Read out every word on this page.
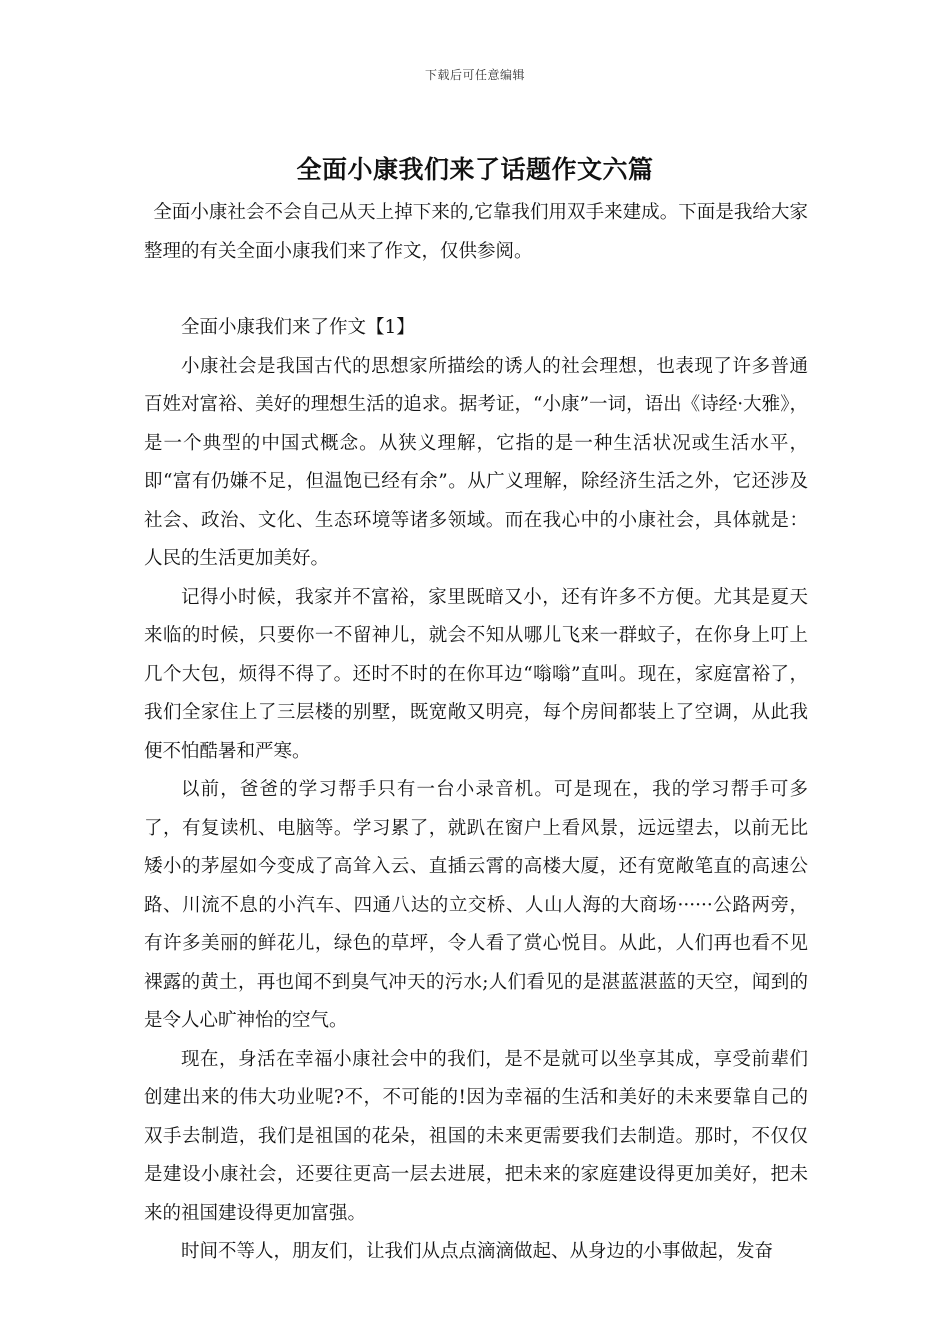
下载后可任意编辑
全面小康我们来了话题作文六篇

全面小康社会不会自己从天上掉下来的,它靠我们用双手来建成。下面是我给大家整理的有关全面小康我们来了作文，仅供参阅。

全面小康我们来了作文【1】

小康社会是我国古代的思想家所描绘的诱人的社会理想，也表现了许多普通百姓对富裕、美好的理想生活的追求。据考证，“小康”一词，语出《诗经·大雅》，是一个典型的中国式概念。从狭义理解，它指的是一种生活状况或生活水平，即“富有仍嫌不足，但温饱已经有余”。从广义理解，除经济生活之外，它还涉及社会、政治、文化、生态环境等诸多领域。而在我心中的小康社会，具体就是：人民的生活更加美好。

记得小时候，我家并不富裕，家里既暗又小，还有许多不方便。尤其是夏天来临的时候，只要你一不留神儿，就会不知从哪儿飞来一群蚊子，在你身上叮上几个大包，烦得不得了。还时不时的在你耳边“嗡嗡”直叫。现在，家庭富裕了，我们全家住上了三层楼的别墅，既宽敞又明亮，每个房间都装上了空调，从此我便不怕酷暑和严寒。

以前，爸爸的学习帮手只有一台小录音机。可是现在，我的学习帮手可多了，有复读机、电脑等。学习累了，就趴在窗户上看风景，远远望去，以前无比矮小的茅屋如今变成了高耸入云、直插云霄的高楼大厦，还有宽敞笔直的高速公路、川流不息的小汽车、四通八达的立交桥、人山人海的大商场······公路两旁，有许多美丽的鲜花儿，绿色的草坪，令人看了赏心悦目。从此，人们再也看不见裸露的黄土，再也闻不到臭气冲天的污水;人们看见的是湛蓝湛蓝的天空，闻到的是令人心旷神怡的空气。

现在，身活在幸福小康社会中的我们，是不是就可以坐享其成，享受前辈们创建出来的伟大功业呢?不，不可能的!因为幸福的生活和美好的未来要靠自己的双手去制造，我们是祖国的花朵，祖国的未来更需要我们去制造。那时，不仅仅是建设小康社会，还要往更高一层去进展，把未来的家庭建设得更加美好，把未来的祖国建设得更加富强。

时间不等人，朋友们，让我们从点点滴滴做起、从身边的小事做起，发奋
